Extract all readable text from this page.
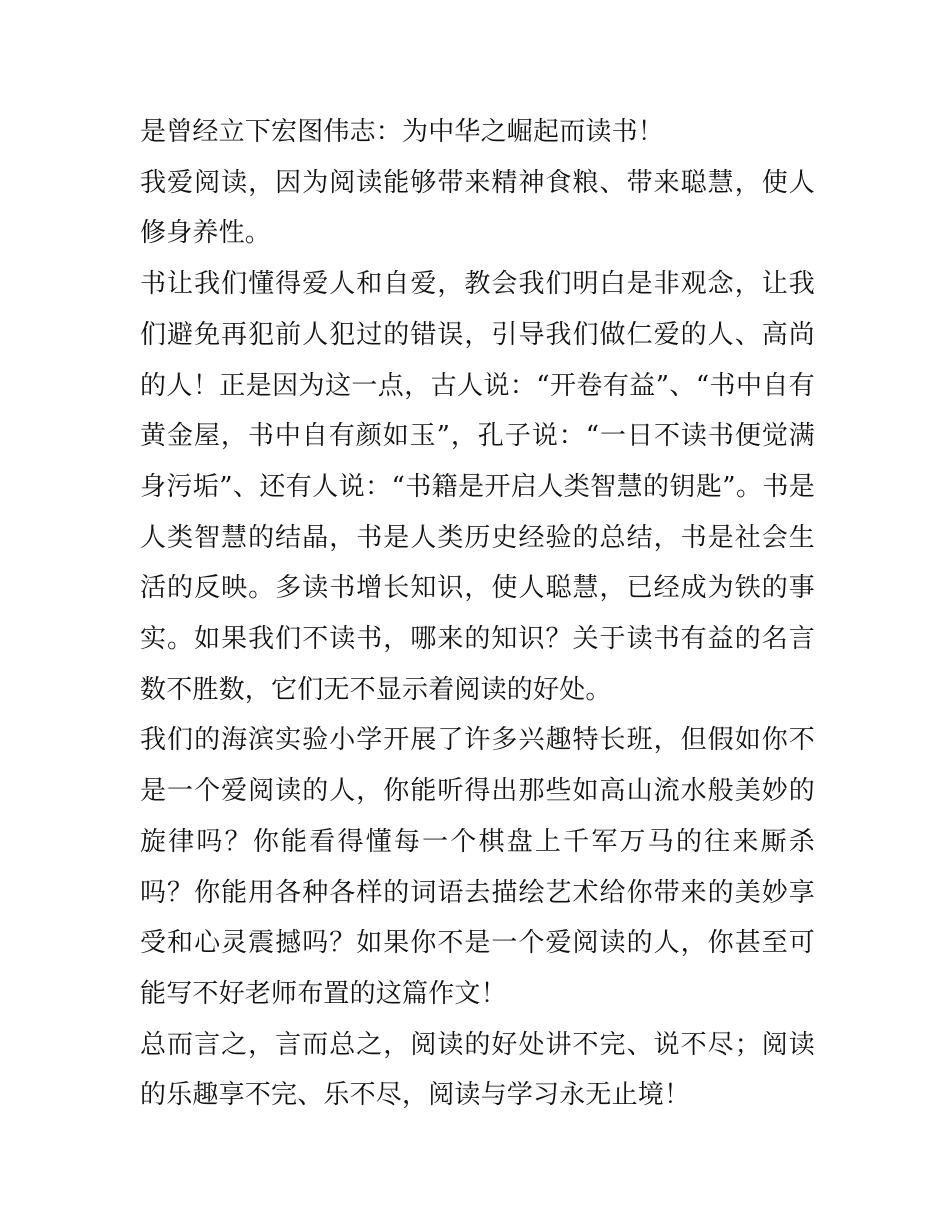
是曾经立下宏图伟志：为中华之崛起而读书！

我爱阅读，因为阅读能够带来精神食粮、带来聪慧，使人修身养性。

书让我们懂得爱人和自爱，教会我们明白是非观念，让我们避免再犯前人犯过的错误，引导我们做仁爱的人、高尚的人！正是因为这一点，古人说：“开卷有益”、“书中自有黄金屋，书中自有颜如玉”，孔子说：“一日不读书便觉满身污垢”、还有人说：“书籍是开启人类智慧的钥匙”。书是人类智慧的结晶，书是人类历史经验的总结，书是社会生活的反映。多读书增长知识，使人聪慧，已经成为铁的事实。如果我们不读书，哪来的知识？关于读书有益的名言数不胜数，它们无不显示着阅读的好处。

我们的海滨实验小学开展了许多兴趣特长班，但假如你不是一个爱阅读的人，你能听得出那些如高山流水般美妙的旋律吗？你能看得懂每一个棋盘上千军万马的往来厮杀吗？你能用各种各样的词语去描绘艺术给你带来的美妙享受和心灵震撼吗？如果你不是一个爱阅读的人，你甚至可能写不好老师布置的这篇作文！

总而言之，言而总之，阅读的好处讲不完、说不尽；阅读的乐趣享不完、乐不尽，阅读与学习永无止境！
